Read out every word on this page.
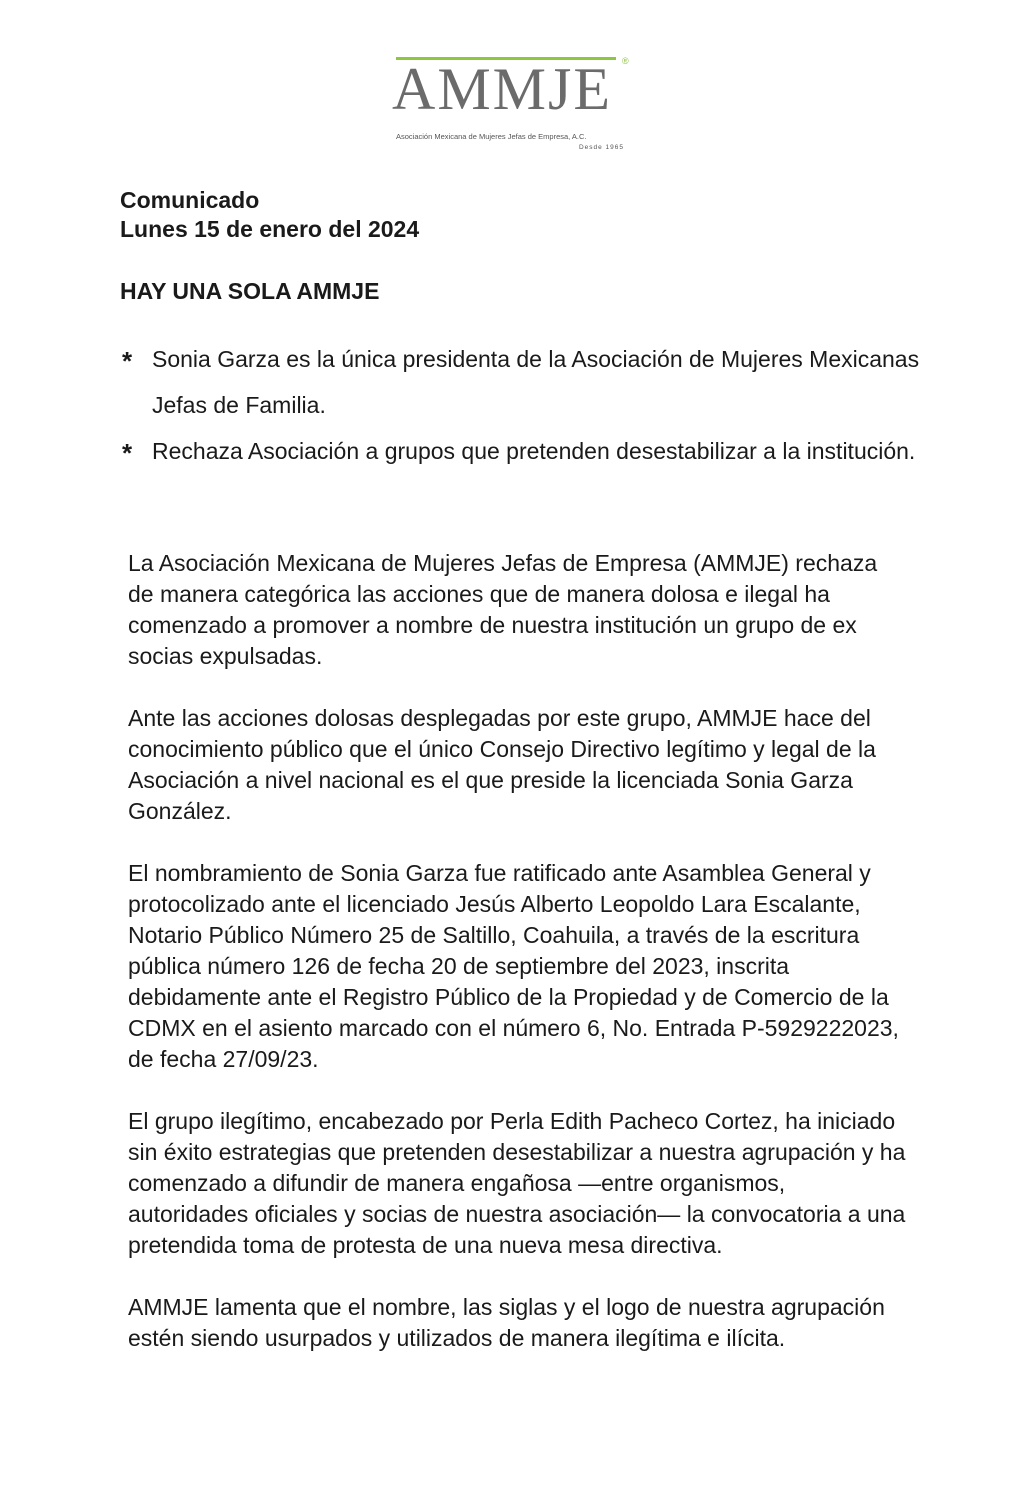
AMMJE ®
Asociación Mexicana de Mujeres Jefas de Empresa, A.C.
Desde 1965
Comunicado
Lunes 15 de enero del 2024
HAY UNA SOLA AMMJE
* Sonia Garza es la única presidenta de la Asociación de Mujeres Mexicanas Jefas de Familia.
* Rechaza Asociación a grupos que pretenden desestabilizar a la institución.

La Asociación Mexicana de Mujeres Jefas de Empresa (AMMJE) rechaza de manera categórica las acciones que de manera dolosa e ilegal ha comenzado a promover a nombre de nuestra institución un grupo de ex socias expulsadas.

Ante las acciones dolosas desplegadas por este grupo, AMMJE hace del conocimiento público que el único Consejo Directivo legítimo y legal de la Asociación a nivel nacional es el que preside la licenciada Sonia Garza González.

El nombramiento de Sonia Garza fue ratificado ante Asamblea General y protocolizado ante el licenciado Jesús Alberto Leopoldo Lara Escalante, Notario Público Número 25 de Saltillo, Coahuila, a través de la escritura pública número 126 de fecha 20 de septiembre del 2023, inscrita debidamente ante el Registro Público de la Propiedad y de Comercio de la CDMX en el asiento marcado con el número 6, No. Entrada P-5929222023, de fecha 27/09/23.

El grupo ilegítimo, encabezado por Perla Edith Pacheco Cortez, ha iniciado sin éxito estrategias que pretenden desestabilizar a nuestra agrupación y ha comenzado a difundir de manera engañosa —entre organismos, autoridades oficiales y socias de nuestra asociación— la convocatoria a una pretendida toma de protesta de una nueva mesa directiva.

AMMJE lamenta que el nombre, las siglas y el logo de nuestra agrupación estén siendo usurpados y utilizados de manera ilegítima e ilícita.
